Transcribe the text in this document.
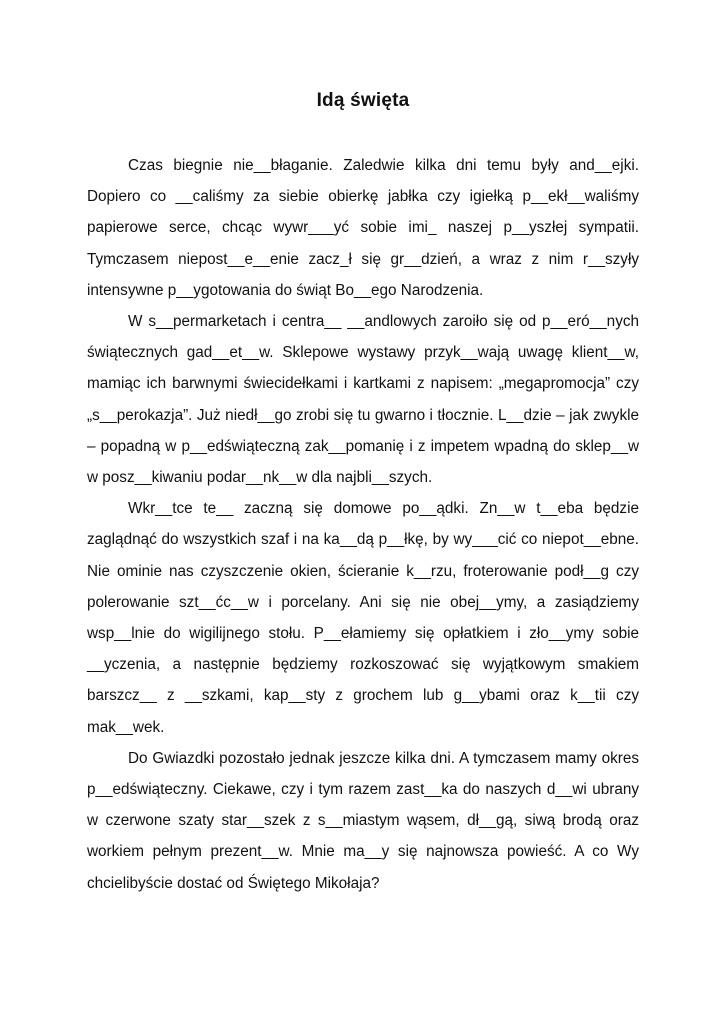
Idą święta

Czas biegnie nie__błaganie. Zaledwie kilka dni temu były and__ejki. Dopiero co __caliśmy za siebie obierkę jabłka czy igiełką p__ekł__waliśmy papierowe serce, chcąc wywr___yć sobie imi_ naszej p__yszłej sympatii. Tymczasem niepost__e__enie zacz_ł się gr__dzień, a wraz z nim r__szyły intensywne p__ygotowania do świąt Bo__ego Narodzenia.

W s__permarketach i centra__ __andlowych zaroiło się od p__eró__nych świątecznych gad__et__w. Sklepowe wystawy przyk__wają uwagę klient__w, mamiąc ich barwnymi świecidełkami i kartkami z napisem: „megapromocja” czy „s__perokazja”. Już niedł__go zrobi się tu gwarno i tłocznie. L__dzie – jak zwykle – popadną w p__edświąteczną zak__pomanię i z impetem wpadną do sklep__w w posz__kiwaniu podar__nk__w dla najbli__szych.

Wkr__tce te__ zaczną się domowe po__ądki. Zn__w t__eba będzie zaglądnąć do wszystkich szaf i na ka__dą p__łkę, by wy___cić co niepot__ebne. Nie ominie nas czyszczenie okien, ścieranie k__rzu, froterowanie podł__g czy polerowanie szt__ćc__w i porcelany. Ani się nie obej__ymy, a zasiądziemy wsp__lnie do wigilijnego stołu. P__ełamiemy się opłatkiem i zło__ymy sobie __yczenia, a następnie będziemy rozkoszować się wyjątkowym smakiem barszcz__ z __szkami, kap__sty z grochem lub g__ybami oraz k__tii czy mak__wek.

Do Gwiazdki pozostało jednak jeszcze kilka dni. A tymczasem mamy okres p__edświąteczny. Ciekawe, czy i tym razem zast__ka do naszych d__wi ubrany w czerwone szaty star__szek z s__miastym wąsem, dł__gą, siwą brodą oraz workiem pełnym prezent__w. Mnie ma__y się najnowsza powieść. A co Wy chcielibyście dostać od Świętego Mikołaja?
